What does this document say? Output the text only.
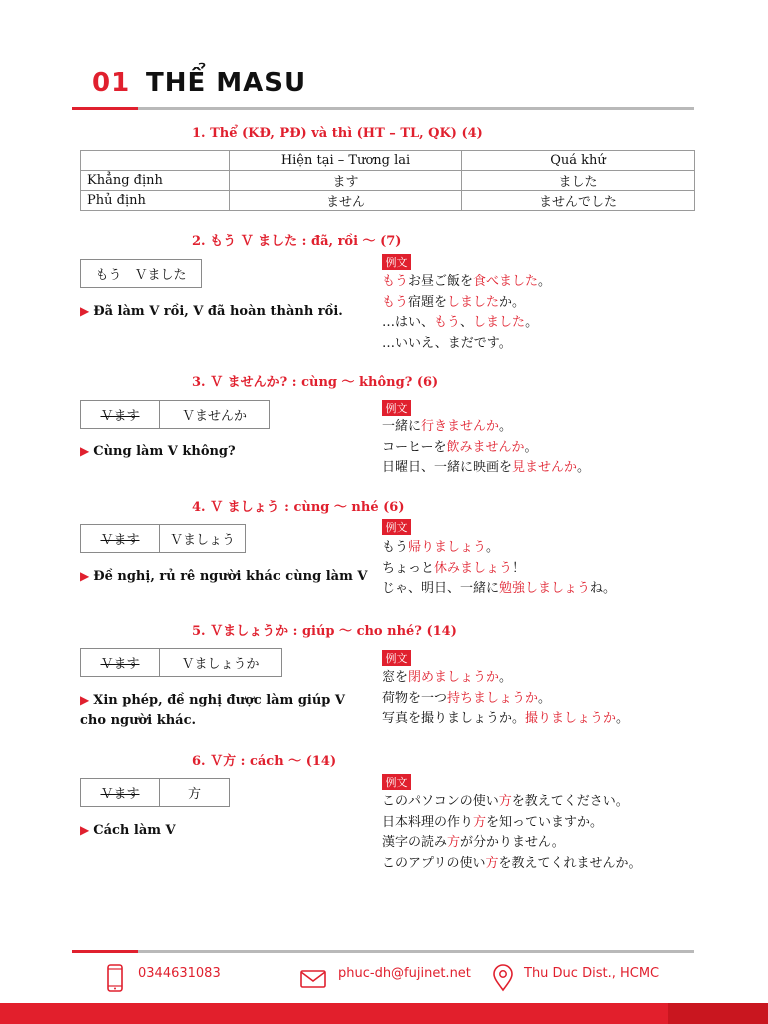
01 THỂ MASU
1. Thể (KĐ, PĐ) và thì (HT – TL, QK) (4)
	Hiện tại – Tương lai	Quá khứ
Khẳng định	ます	ました
Phủ định	ません	ませんでした
2. もう Ｖ ました : đã, rồi ～ (7)
もう　Ｖました
▶ Đã làm V rồi, V đã hoàn thành rồi.
例文
もうお昼ご飯を食べました。
もう宿題をしましたか。
…はい、もう、しました。
…いいえ、まだです。
3. Ｖ ませんか? : cùng ～ không? (6)
Ｖます	Ｖませんか
▶ Cùng làm V không?
例文
一緒に行きませんか。
コーヒーを飲みませんか。
日曜日、一緒に映画を見ませんか。
4. Ｖ ましょう : cùng ～ nhé (6)
Ｖます	Ｖましょう
▶ Đề nghị, rủ rê người khác cùng làm V
例文
もう帰りましょう。
ちょっと休みましょう！
じゃ、明日、一緒に勉強しましょうね。
5. Ｖましょうか : giúp ～ cho nhé? (14)
Ｖます	Ｖましょうか
▶ Xin phép, đề nghị được làm giúp V cho người khác.
例文
窓を閉めましょうか。
荷物を一つ持ちましょうか。
写真を撮りましょうか。撮りましょうか。
6. Ｖ方 : cách ～ (14)
Ｖます	方
▶ Cách làm V
例文
このパソコンの使い方を教えてください。
日本料理の作り方を知っていますか。
漢字の読み方が分かりません。
このアプリの使い方を教えてくれませんか。
0344631083	phuc-dh@fujinet.net	Thu Duc Dist., HCMC
